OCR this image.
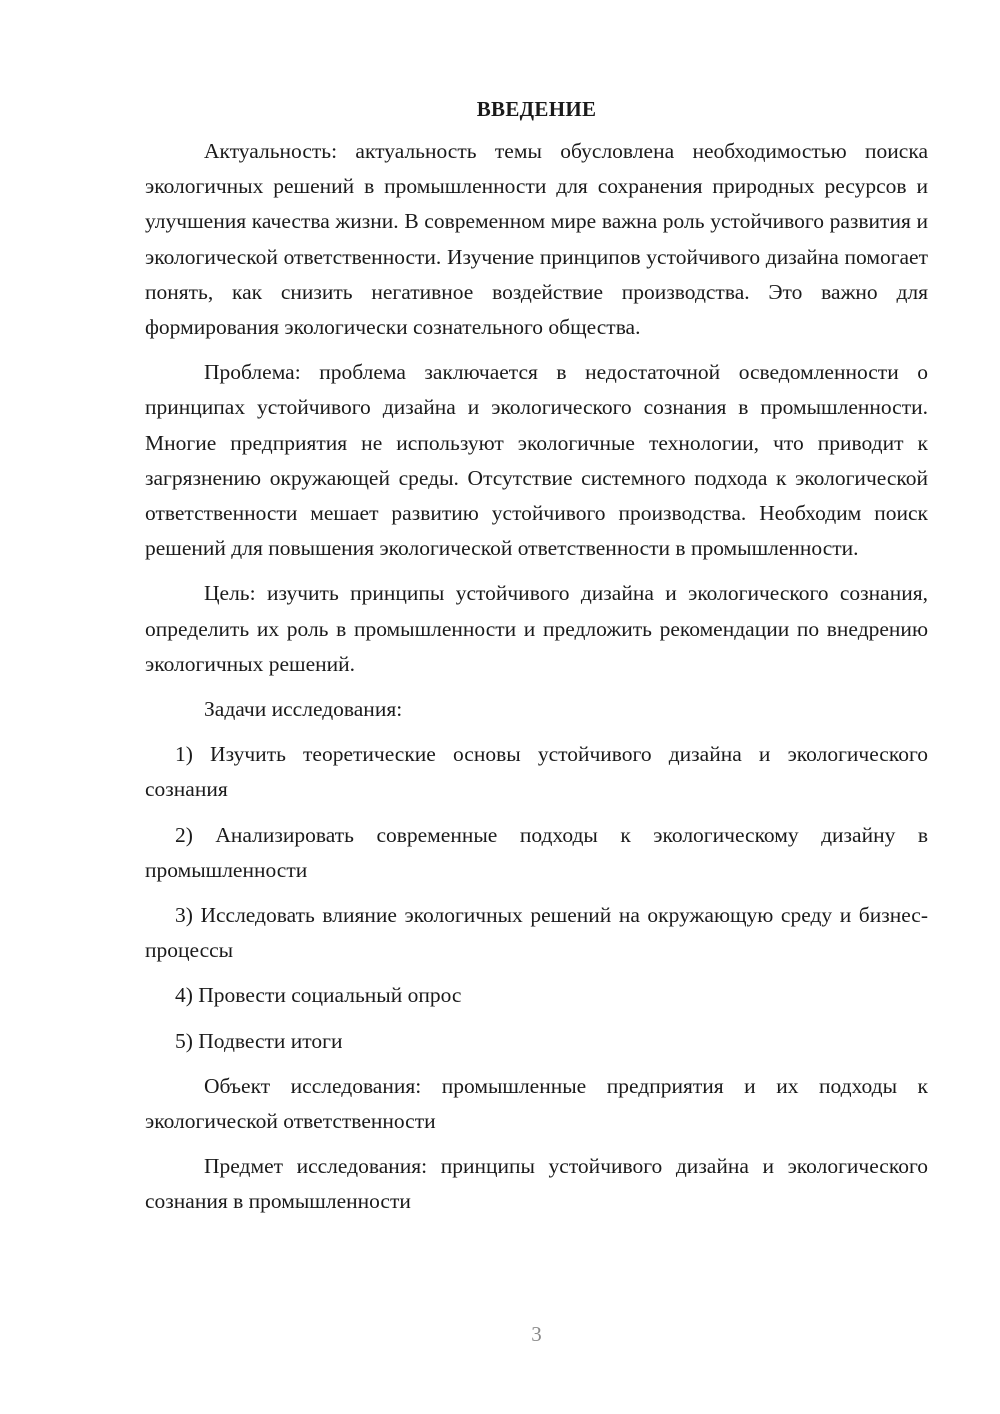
ВВЕДЕНИЕ

Актуальность: актуальность темы обусловлена необходимостью поиска экологичных решений в промышленности для сохранения природных ресурсов и улучшения качества жизни. В современном мире важна роль устойчивого развития и экологической ответственности. Изучение принципов устойчивого дизайна помогает понять, как снизить негативное воздействие производства. Это важно для формирования экологически сознательного общества.

Проблема: проблема заключается в недостаточной осведомленности о принципах устойчивого дизайна и экологического сознания в промышленности. Многие предприятия не используют экологичные технологии, что приводит к загрязнению окружающей среды. Отсутствие системного подхода к экологической ответственности мешает развитию устойчивого производства. Необходим поиск решений для повышения экологической ответственности в промышленности.

Цель: изучить принципы устойчивого дизайна и экологического сознания, определить их роль в промышленности и предложить рекомендации по внедрению экологичных решений.

Задачи исследования:

1) Изучить теоретические основы устойчивого дизайна и экологического сознания

2) Анализировать современные подходы к экологическому дизайну в промышленности

3) Исследовать влияние экологичных решений на окружающую среду и бизнес-процессы

4) Провести социальный опрос

5) Подвести итоги

Объект исследования: промышленные предприятия и их подходы к экологической ответственности

Предмет исследования: принципы устойчивого дизайна и экологического сознания в промышленности

3
